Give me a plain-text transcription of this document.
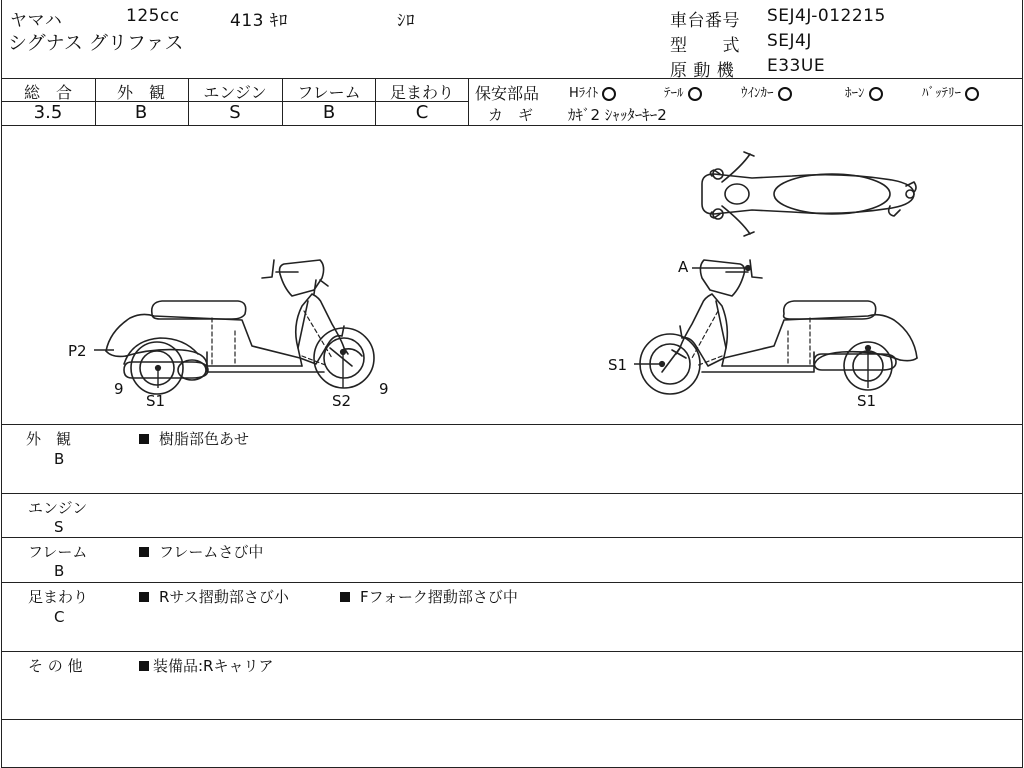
ヤマハ	125cc	413 ｷﾛ	ｼﾛ
シグナス グリファス
車台番号 SEJ4J-012215
型　　式 SEJ4J
原 動 機 E33UE
総　合	外　観	エンジン	フレーム	足まわり
3.5	B	S	B	C
保安部品 Hﾗｲﾄ	ﾃｰﾙ	ｳｲﾝｶｰ	ﾎｰﾝ	ﾊﾞｯﾃﾘｰ
カ　ギ ｶｷﾞ2 ｼｬｯﾀｰｷｰ2
P2
9
S1	S2
9
A
S1
S1
外　観
B
樹脂部色あせ
エンジン
S
フレーム
B
フレームさび中
足まわり
C
Rサス摺動部さび小	Fフォーク摺動部さび中
そ の 他	装備品:Rキャリア
